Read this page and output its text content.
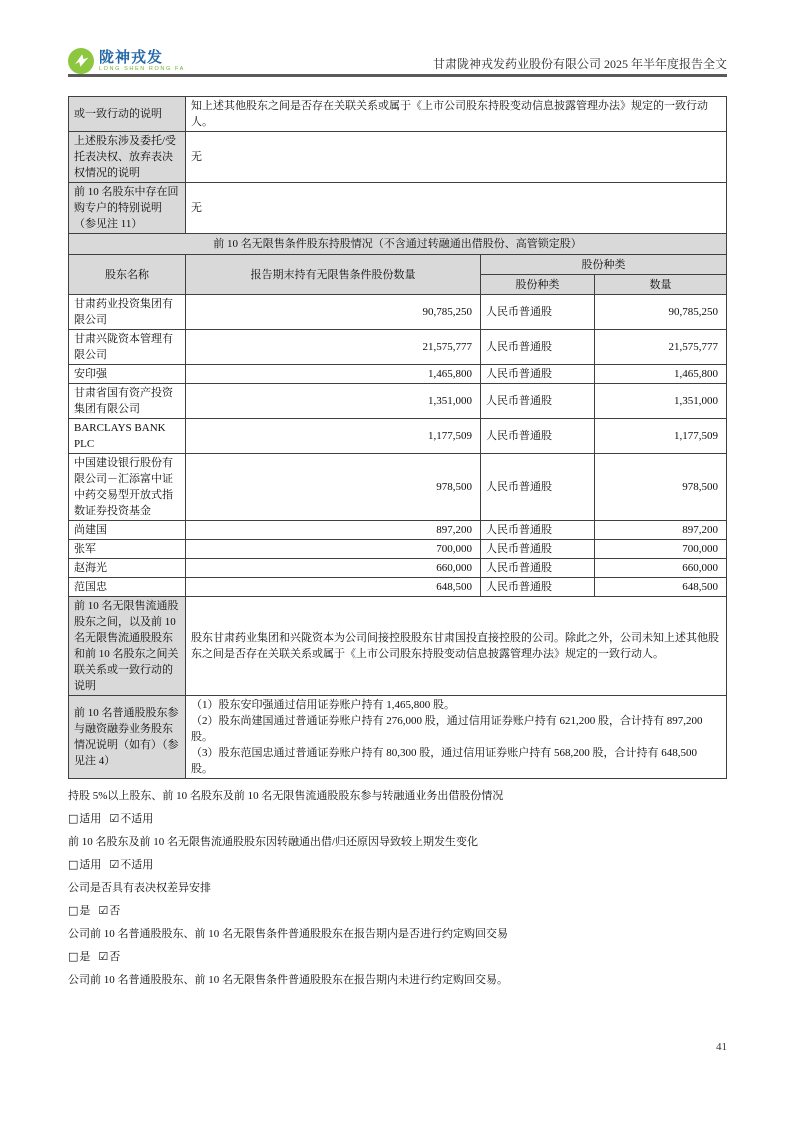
陇神戎发
LONG SHEN RONG FA	甘肃陇神戎发药业股份有限公司 2025 年半年度报告全文
或一致行动的说明	知上述其他股东之间是否存在关联关系或属于《上市公司股东持股变动信息披露管理办法》规定的一致行动人。		
上述股东涉及委托/受托表决权、放弃表决权情况的说明	无		
前 10 名股东中存在回购专户的特别说明（参见注 11）	无		
前 10 名无限售条件股东持股情况（不含通过转融通出借股份、高管锁定股）			
股东名称	报告期末持有无限售条件股份数量	股份种类	
		股份种类	数量
甘肃药业投资集团有限公司	90,785,250	人民币普通股	90,785,250
甘肃兴陇资本管理有限公司	21,575,777	人民币普通股	21,575,777
安印强	1,465,800	人民币普通股	1,465,800
甘肃省国有资产投资集团有限公司	1,351,000	人民币普通股	1,351,000
BARCLAYS BANK PLC	1,177,509	人民币普通股	1,177,509
中国建设银行股份有限公司－汇添富中证中药交易型开放式指数证券投资基金	978,500	人民币普通股	978,500
尚建国	897,200	人民币普通股	897,200
张军	700,000	人民币普通股	700,000
赵海光	660,000	人民币普通股	660,000
范国忠	648,500	人民币普通股	648,500
前 10 名无限售流通股股东之间，以及前 10 名无限售流通股股东和前 10 名股东之间关联关系或一致行动的说明	股东甘肃药业集团和兴陇资本为公司间接控股股东甘肃国投直接控股的公司。除此之外，公司未知上述其他股东之间是否存在关联关系或属于《上市公司股东持股变动信息披露管理办法》规定的一致行动人。		
前 10 名普通股股东参与融资融券业务股东情况说明（如有）（参见注 4）	（1）股东安印强通过信用证券账户持有 1,465,800 股。

（2）股东尚建国通过普通证券账户持有 276,000 股，通过信用证券账户持有 621,200 股，合计持有 897,200 股。

（3）股东范国忠通过普通证券账户持有 80,300 股，通过信用证券账户持有 568,200 股，合计持有 648,500 股。		

持股 5%以上股东、前 10 名股东及前 10 名无限售流通股股东参与转融通业务出借股份情况
□适用 ☑不适用
前 10 名股东及前 10 名无限售流通股股东因转融通出借/归还原因导致较上期发生变化
□适用 ☑不适用
公司是否具有表决权差异安排
□是 ☑否
公司前 10 名普通股股东、前 10 名无限售条件普通股股东在报告期内是否进行约定购回交易
□是 ☑否
公司前 10 名普通股股东、前 10 名无限售条件普通股股东在报告期内未进行约定购回交易。
41
